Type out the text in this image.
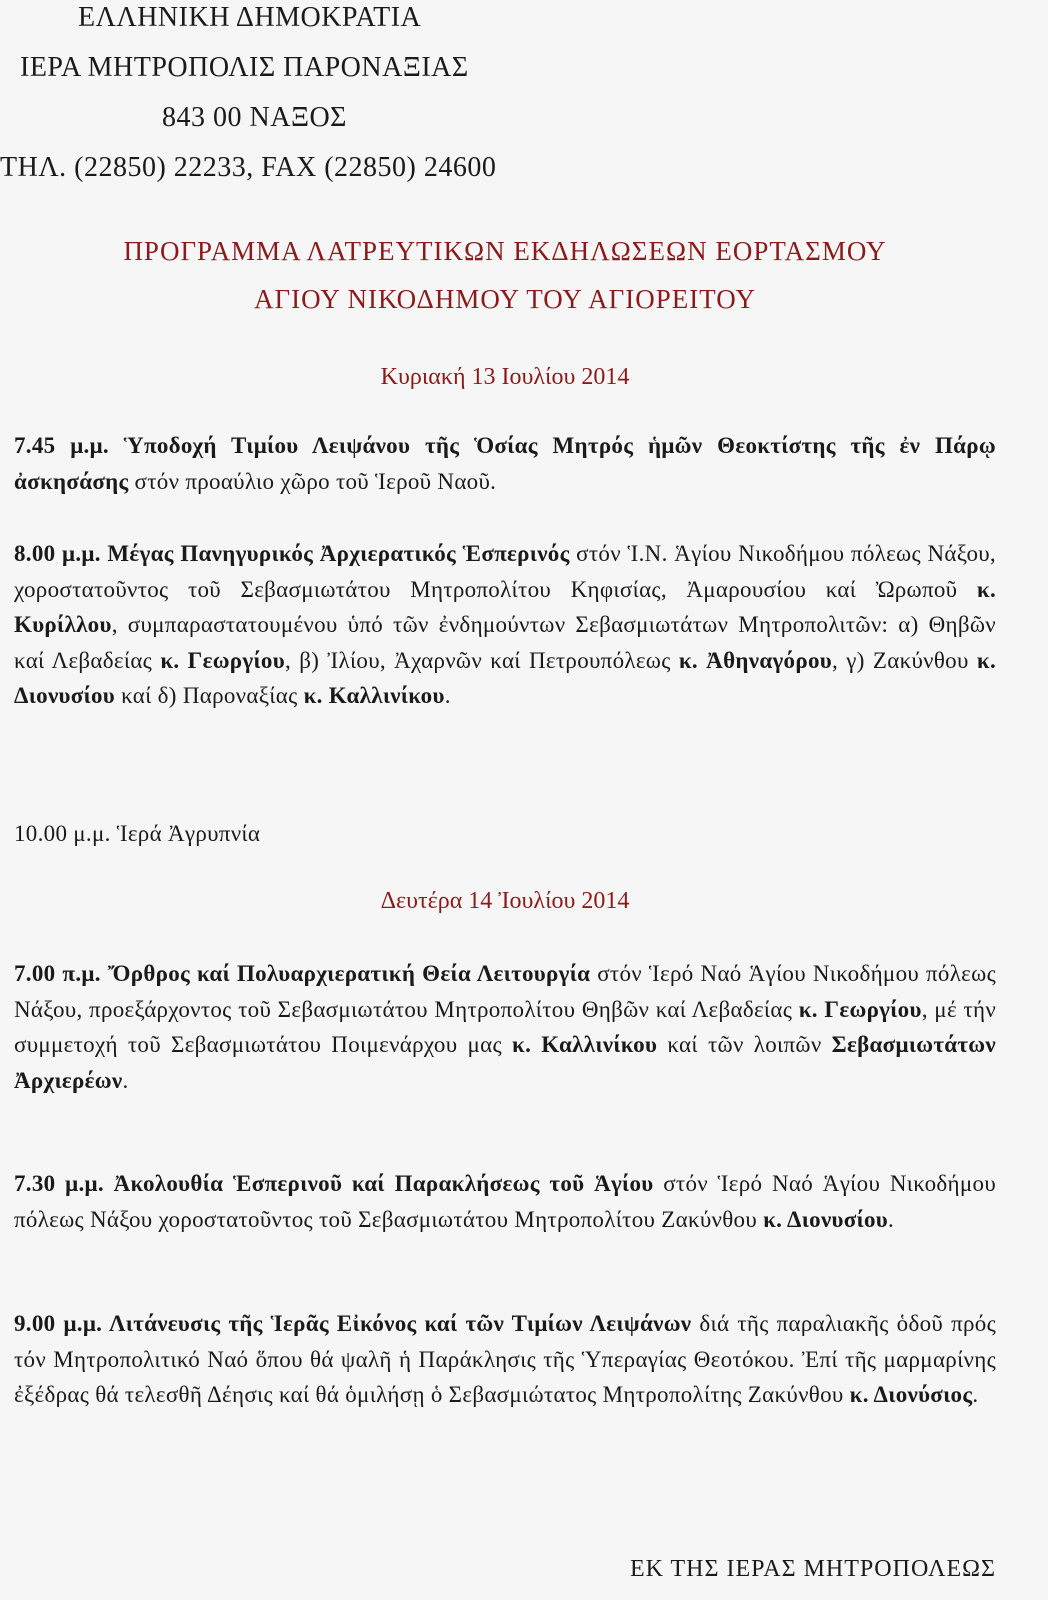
ΕΛΛΗΝΙΚΗ ΔΗΜΟΚΡΑΤΙΑ
ΙΕΡΑ ΜΗΤΡΟΠΟΛΙΣ ΠΑΡΟΝΑΞΙΑΣ
843 00 ΝΑΞΟΣ
ΤΗΛ. (22850) 22233, FAX (22850) 24600
ΠΡΟΓΡΑΜΜΑ ΛΑΤΡΕΥΤΙΚΩΝ ΕΚΔΗΛΩΣΕΩΝ ΕΟΡΤΑΣΜΟΥ
ΑΓΙΟΥ ΝΙΚΟΔΗΜΟΥ ΤΟΥ ΑΓΙΟΡΕΙΤΟΥ
Κυριακή 13 Ιουλίου 2014
7.45 μ.μ. Ὑποδοχή Τιμίου Λειψάνου τῆς Ὁσίας Μητρός ἡμῶν Θεοκτίστης τῆς ἐν Πάρῳ ἀσκησάσης στόν προαύλιο χῶρο τοῦ Ἱεροῦ Ναοῦ.
8.00 μ.μ. Μέγας Πανηγυρικός Ἀρχιερατικός Ἑσπερινός στόν Ἱ.Ν. Ἁγίου Νικοδήμου πόλεως Νάξου, χοροστατοῦντος τοῦ Σεβασμιωτάτου Μητροπολίτου Κηφισίας, Ἀμαρουσίου καί Ὠρωποῦ κ. Κυρίλλου, συμπαραστατουμένου ὑπό τῶν ἐνδημούντων Σεβασμιωτάτων Μητροπολιτῶν: α) Θηβῶν καί Λεβαδείας κ. Γεωργίου, β) Ἰλίου, Ἀχαρνῶν καί Πετρουπόλεως κ. Ἀθηναγόρου, γ) Ζακύνθου κ. Διονυσίου καί δ) Παροναξίας κ. Καλλινίκου.
10.00 μ.μ. Ἱερά Ἀγρυπνία
Δευτέρα 14 Ἰουλίου 2014
7.00 π.μ. Ὄρθρος καί Πολυαρχιερατική Θεία Λειτουργία στόν Ἱερό Ναό Ἁγίου Νικοδήμου πόλεως Νάξου, προεξάρχοντος τοῦ Σεβασμιωτάτου Μητροπολίτου Θηβῶν καί Λεβαδείας κ. Γεωργίου, μέ τήν συμμετοχή τοῦ Σεβασμιωτάτου Ποιμενάρχου μας κ. Καλλινίκου καί τῶν λοιπῶν Σεβασμιωτάτων Ἀρχιερέων.
7.30 μ.μ. Ἀκολουθία Ἑσπερινοῦ καί Παρακλήσεως τοῦ Ἁγίου στόν Ἱερό Ναό Ἁγίου Νικοδήμου πόλεως Νάξου χοροστατοῦντος τοῦ Σεβασμιωτάτου Μητροπολίτου Ζακύνθου κ. Διονυσίου.
9.00 μ.μ. Λιτάνευσις τῆς Ἱερᾶς Εἰκόνος καί τῶν Τιμίων Λειψάνων διά τῆς παραλιακῆς ὁδοῦ πρός τόν Μητροπολιτικό Ναό ὅπου θά ψαλῆ ἡ Παράκλησις τῆς Ὑπεραγίας Θεοτόκου. Ἐπί τῆς μαρμαρίνης ἐξέδρας θά τελεσθῆ Δέησις καί θά ὁμιλήσῃ ὁ Σεβασμιώτατος Μητροπολίτης Ζακύνθου κ. Διονύσιος.
ΕΚ ΤΗΣ ΙΕΡΑΣ ΜΗΤΡΟΠΟΛΕΩΣ
